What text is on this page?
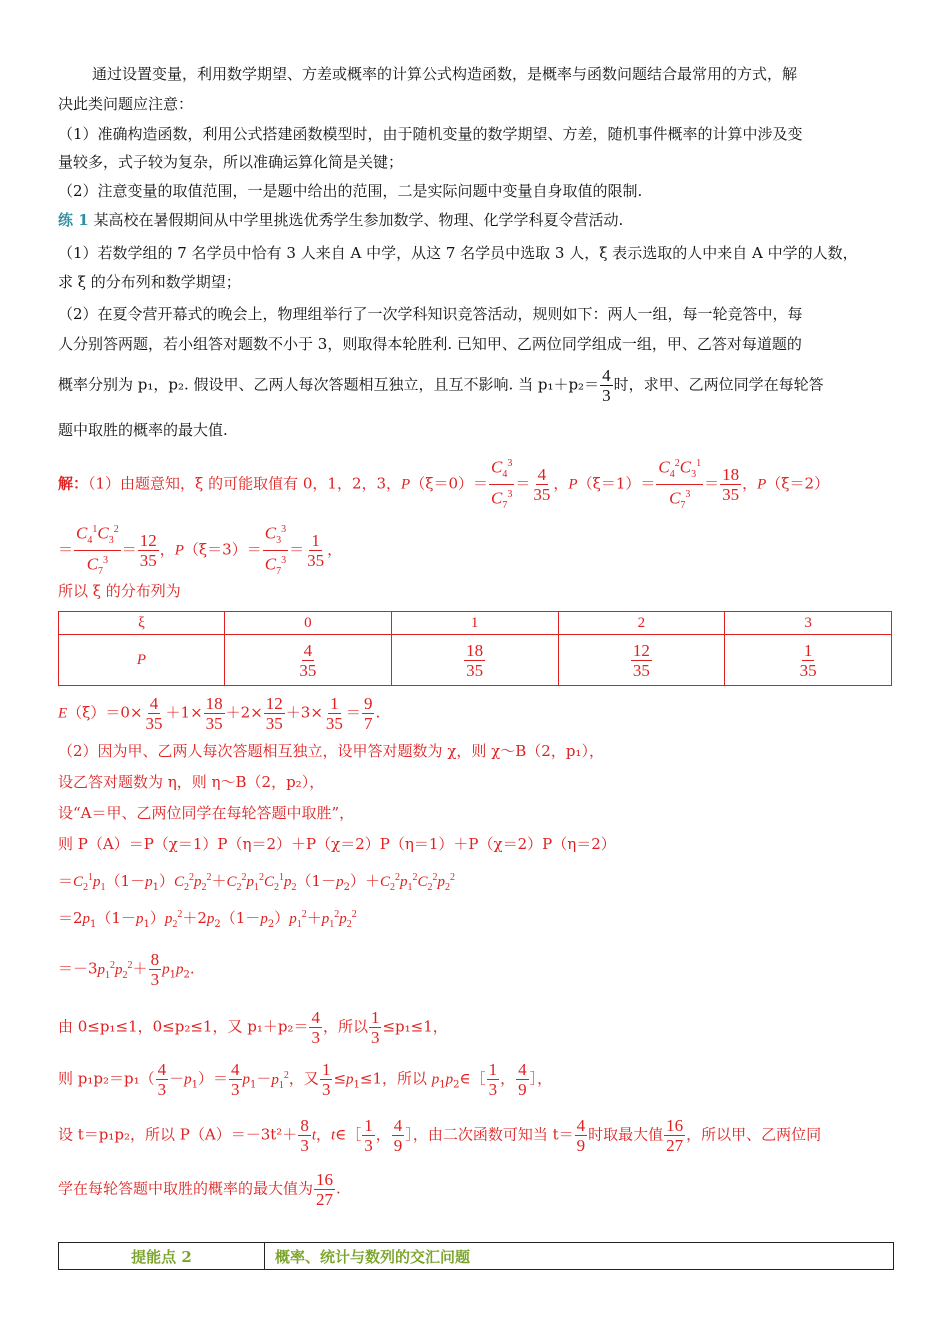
通过设置变量，利用数学期望、方差或概率的计算公式构造函数，是概率与函数问题结合最常用的方式，解
决此类问题应注意：
（1）准确构造函数，利用公式搭建函数模型时，由于随机变量的数学期望、方差，随机事件概率的计算中涉及变
量较多，式子较为复杂，所以准确运算化简是关键；
（2）注意变量的取值范围，一是题中给出的范围，二是实际问题中变量自身取值的限制.
练 1 某高校在暑假期间从中学里挑选优秀学生参加数学、物理、化学学科夏令营活动.
（1）若数学组的 7 名学员中恰有 3 人来自 A 中学，从这 7 名学员中选取 3 人，ξ 表示选取的人中来自 A 中学的人数，
求 ξ 的分布列和数学期望；
（2）在夏令营开幕式的晚会上，物理组举行了一次学科知识竞答活动，规则如下：两人一组，每一轮竞答中，每
人分别答两题，若小组答对题数不小于 3，则取得本轮胜利. 已知甲、乙两位同学组成一组，甲、乙答对每道题的
概率分别为 p₁，p₂. 假设甲、乙两人每次答题相互独立，且互不影响. 当 $p_1+p_2= \frac{4}{3}$ 时，求甲、乙两位同学在每轮答
题中取胜的概率的最大值.
解：（1）由题意知，ξ 的可能取值有 0，1，2，3，$P(\xi=0)= \frac{C_4^3}{C_7^3} = \frac{4}{35}$ ，$P(\xi=1)= \frac{C_4^2C_3^1}{C_7^3} = \frac{18}{35}$ ，P（ξ＝2）
＝ $\frac{C_4^1C_3^2}{C_7^3} = \frac{12}{35}$ ，$P(\xi=3)= \frac{C_3^3}{C_7^3} = \frac{1}{35}$ ，
所以 ξ 的分布列为
ξ	0	1	2	3
P	$\frac{4}{35}$	$\frac{18}{35}$	$\frac{12}{35}$	$\frac{1}{35}$
$E(\xi)=0\times \frac{4}{35} +1\times \frac{18}{35} +2\times \frac{12}{35} +3\times \frac{1}{35} = \frac{9}{7}$ .
（2）因为甲、乙两人每次答题相互独立，设甲答对题数为 χ，则 χ～B（2，p₁），
设乙答对题数为 η，则 η～B（2，p₂），
设“A＝甲、乙两位同学在每轮答题中取胜”，
则 P（A）＝P（χ＝1）P（η＝2）＋P（χ＝2）P（η＝1）＋P（χ＝2）P（η＝2）
$=C_2^1p_1(1-p_1)C_2^2p_2^2+C_2^2p_1^2C_2^1p_2(1-p_2)+C_2^2p_1^2C_2^2p_2^2$
$=2p_1(1-p_1)p_2^2+2p_2(1-p_2)p_1^2+p_1^2p_2^2$
$=-3p_1^2p_2^2+ \frac{8}{3} p_1p_2$.
由 0≤p₁≤1，0≤p₂≤1，又 $p_1+p_2= \frac{4}{3}$ ，所以 $\frac{1}{3} \le p_1\le 1$，
则 $p_1p_2=p_1( \frac{4}{3} -p_1)= \frac{4}{3} p_1-p_1^2$，又 $\frac{1}{3} \le p_1\le 1$，所以 $p_1p_2\in[ \frac{1}{3}$ ， $\frac{4}{9}$ ］，
设 t＝p₁p₂，所以 $P(A)=-3t^2+ \frac{8}{3}$ t，t∈［ $\frac{1}{3}$ ， $\frac{4}{9}$ ］，由二次函数可知当 $t= \frac{4}{9}$ 时取最大值 $\frac{16}{27}$ ，所以甲、乙两位同
学在每轮答题中取胜的概率的最大值为 $\frac{16}{27}$ .
提能点 2	概率、统计与数列的交汇问题
